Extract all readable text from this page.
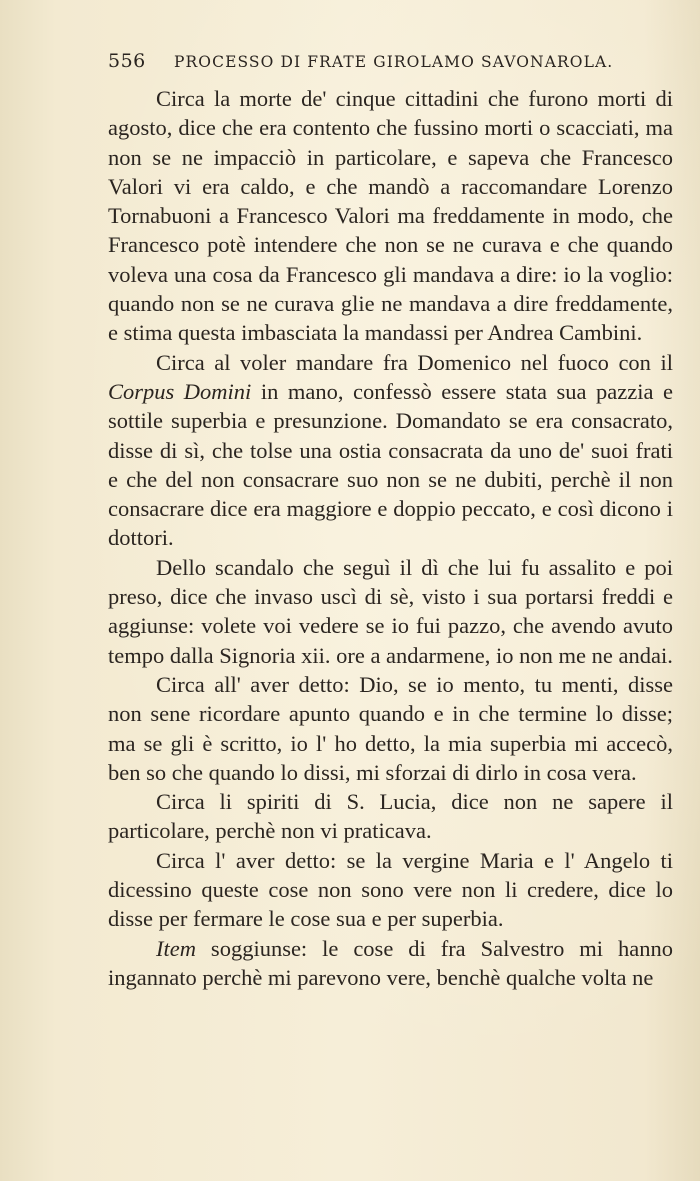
556 PROCESSO DI FRATE GIROLAMO SAVONAROLA.

Circa la morte de' cinque cittadini che furono morti di agosto, dice che era contento che fussino morti o scacciati, ma non se ne impacciò in particolare, e sapeva che Francesco Valori vi era caldo, e che mandò a raccomandare Lorenzo Tornabuoni a Francesco Valori ma freddamente in modo, che Francesco potè intendere che non se ne curava e che quando voleva una cosa da Francesco gli mandava a dire: io la voglio: quando non se ne curava glie ne mandava a dire freddamente, e stima questa imbasciata la mandassi per Andrea Cambini.

Circa al voler mandare fra Domenico nel fuoco con il Corpus Domini in mano, confessò essere stata sua pazzia e sottile superbia e presunzione. Domandato se era consacrato, disse di sì, che tolse una ostia consacrata da uno de' suoi frati e che del non consacrare suo non se ne dubiti, perchè il non consacrare dice era maggiore e doppio peccato, e così dicono i dottori.

Dello scandalo che seguì il dì che lui fu assalito e poi preso, dice che invaso uscì di sè, visto i sua portarsi freddi e aggiunse: volete voi vedere se io fui pazzo, che avendo avuto tempo dalla Signoria xii. ore a andarmene, io non me ne andai.

Circa all' aver detto: Dio, se io mento, tu menti, disse non sene ricordare apunto quando e in che termine lo disse; ma se gli è scritto, io l' ho detto, la mia superbia mi accecò, ben so che quando lo dissi, mi sforzai di dirlo in cosa vera.

Circa li spiriti di S. Lucia, dice non ne sapere il particolare, perchè non vi praticava.

Circa l' aver detto: se la vergine Maria e l' Angelo ti dicessino queste cose non sono vere non li credere, dice lo disse per fermare le cose sua e per superbia.

Item soggiunse: le cose di fra Salvestro mi hanno ingannato perchè mi parevono vere, benchè qualche volta ne
